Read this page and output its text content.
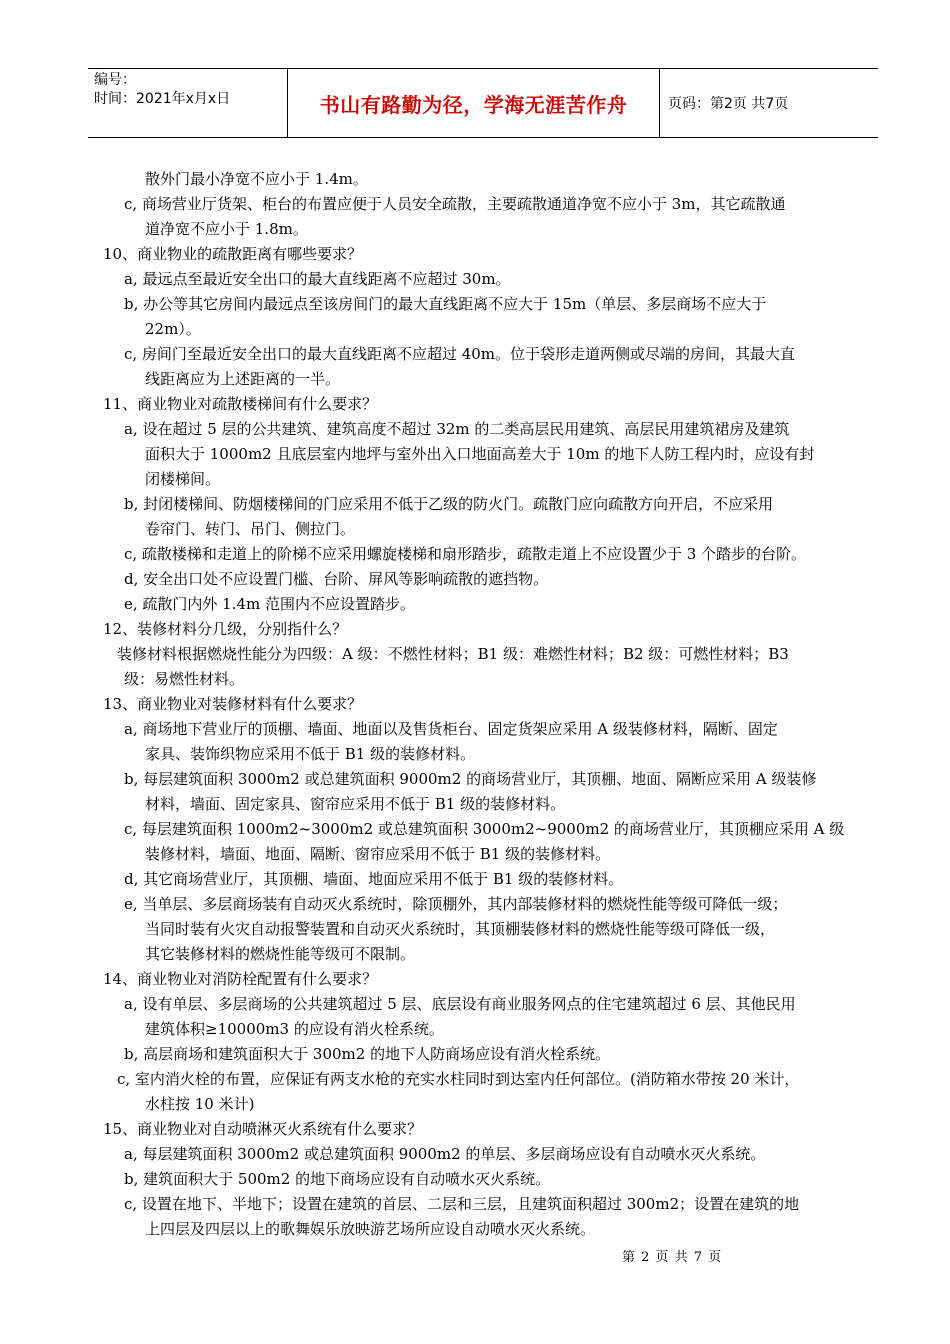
编号：
时间：2021年x月x日	书山有路勤为径，学海无涯苦作舟	页码：第2页 共7页
散外门最小净宽不应小于 1.4m。
c, 商场营业厅货架、柜台的布置应便于人员安全疏散，主要疏散通道净宽不应小于 3m，其它疏散通
道净宽不应小于 1.8m。
10、商业物业的疏散距离有哪些要求？
a, 最远点至最近安全出口的最大直线距离不应超过 30m。
b, 办公等其它房间内最远点至该房间门的最大直线距离不应大于 15m（单层、多层商场不应大于
22m）。
c, 房间门至最近安全出口的最大直线距离不应超过 40m。位于袋形走道两侧或尽端的房间，其最大直
线距离应为上述距离的一半。
11、商业物业对疏散楼梯间有什么要求？
a, 设在超过 5 层的公共建筑、建筑高度不超过 32m 的二类高层民用建筑、高层民用建筑裙房及建筑
面积大于 1000m2 且底层室内地坪与室外出入口地面高差大于 10m 的地下人防工程内时，应设有封
闭楼梯间。
b, 封闭楼梯间、防烟楼梯间的门应采用不低于乙级的防火门。疏散门应向疏散方向开启，不应采用
卷帘门、转门、吊门、侧拉门。
c, 疏散楼梯和走道上的阶梯不应采用螺旋楼梯和扇形踏步，疏散走道上不应设置少于 3 个踏步的台阶。
d, 安全出口处不应设置门槛、台阶、屏风等影响疏散的遮挡物。
e, 疏散门内外 1.4m 范围内不应设置踏步。
12、装修材料分几级，分别指什么？
装修材料根据燃烧性能分为四级：A 级：不燃性材料；B1 级：难燃性材料；B2 级：可燃性材料；B3
级：易燃性材料。
13、商业物业对装修材料有什么要求？
a, 商场地下营业厅的顶棚、墙面、地面以及售货柜台、固定货架应采用 A 级装修材料，隔断、固定
家具、装饰织物应采用不低于 B1 级的装修材料。
b, 每层建筑面积 3000m2 或总建筑面积 9000m2 的商场营业厅，其顶棚、地面、隔断应采用 A 级装修
材料，墙面、固定家具、窗帘应采用不低于 B1 级的装修材料。
c, 每层建筑面积 1000m2~3000m2 或总建筑面积 3000m2~9000m2 的商场营业厅，其顶棚应采用 A 级
装修材料，墙面、地面、隔断、窗帘应采用不低于 B1 级的装修材料。
d, 其它商场营业厅，其顶棚、墙面、地面应采用不低于 B1 级的装修材料。
e, 当单层、多层商场装有自动灭火系统时，除顶棚外，其内部装修材料的燃烧性能等级可降低一级；
当同时装有火灾自动报警装置和自动灭火系统时，其顶棚装修材料的燃烧性能等级可降低一级，
其它装修材料的燃烧性能等级可不限制。
14、商业物业对消防栓配置有什么要求？
a, 设有单层、多层商场的公共建筑超过 5 层、底层设有商业服务网点的住宅建筑超过 6 层、其他民用
建筑体积≥10000m3 的应设有消火栓系统。
b, 高层商场和建筑面积大于 300m2 的地下人防商场应设有消火栓系统。
c, 室内消火栓的布置，应保证有两支水枪的充实水柱同时到达室内任何部位。(消防箱水带按 20 米计，
水柱按 10 米计)
15、商业物业对自动喷淋灭火系统有什么要求？
a, 每层建筑面积 3000m2 或总建筑面积 9000m2 的单层、多层商场应设有自动喷水灭火系统。
b, 建筑面积大于 500m2 的地下商场应设有自动喷水灭火系统。
c, 设置在地下、半地下；设置在建筑的首层、二层和三层，且建筑面积超过 300m2；设置在建筑的地
上四层及四层以上的歌舞娱乐放映游艺场所应设自动喷水灭火系统。
第 2 页 共 7 页
